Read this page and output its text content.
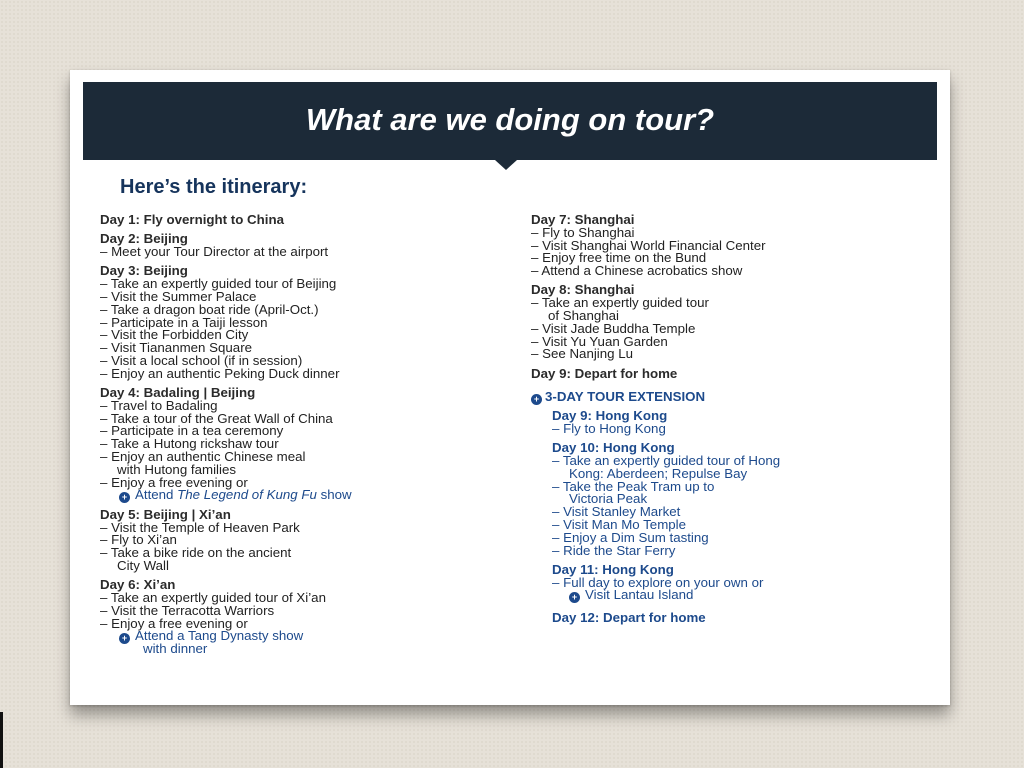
What are we doing on tour?
Here’s the itinerary:
Day 1: Fly overnight to China
Day 2: Beijing
– Meet your Tour Director at the airport
Day 3: Beijing
– Take an expertly guided tour of Beijing
– Visit the Summer Palace
– Take a dragon boat ride (April-Oct.)
– Participate in a Taiji lesson
– Visit the Forbidden City
– Visit Tiananmen Square
– Visit a local school (if in session)
– Enjoy an authentic Peking Duck dinner
Day 4: Badaling | Beijing
– Travel to Badaling
– Take a tour of the Great Wall of China
– Participate in a tea ceremony
– Take a Hutong rickshaw tour
– Enjoy an authentic Chinese meal
with Hutong families
– Enjoy a free evening or
+ Attend The Legend of Kung Fu show
Day 5: Beijing | Xi’an
– Visit the Temple of Heaven Park
– Fly to Xi’an
– Take a bike ride on the ancient
City Wall
Day 6: Xi’an
– Take an expertly guided tour of Xi’an
– Visit the Terracotta Warriors
– Enjoy a free evening or
+ Attend a Tang Dynasty show
with dinner
Day 7: Shanghai
– Fly to Shanghai
– Visit Shanghai World Financial Center
– Enjoy free time on the Bund
– Attend a Chinese acrobatics show
Day 8: Shanghai
– Take an expertly guided tour
of Shanghai
– Visit Jade Buddha Temple
– Visit Yu Yuan Garden
– See Nanjing Lu
Day 9: Depart for home
+ 3-DAY TOUR EXTENSION
Day 9: Hong Kong
– Fly to Hong Kong
Day 10: Hong Kong
– Take an expertly guided tour of Hong
Kong: Aberdeen; Repulse Bay
– Take the Peak Tram up to
Victoria Peak
– Visit Stanley Market
– Visit Man Mo Temple
– Enjoy a Dim Sum tasting
– Ride the Star Ferry
Day 11: Hong Kong
– Full day to explore on your own or
+ Visit Lantau Island
Day 12: Depart for home
